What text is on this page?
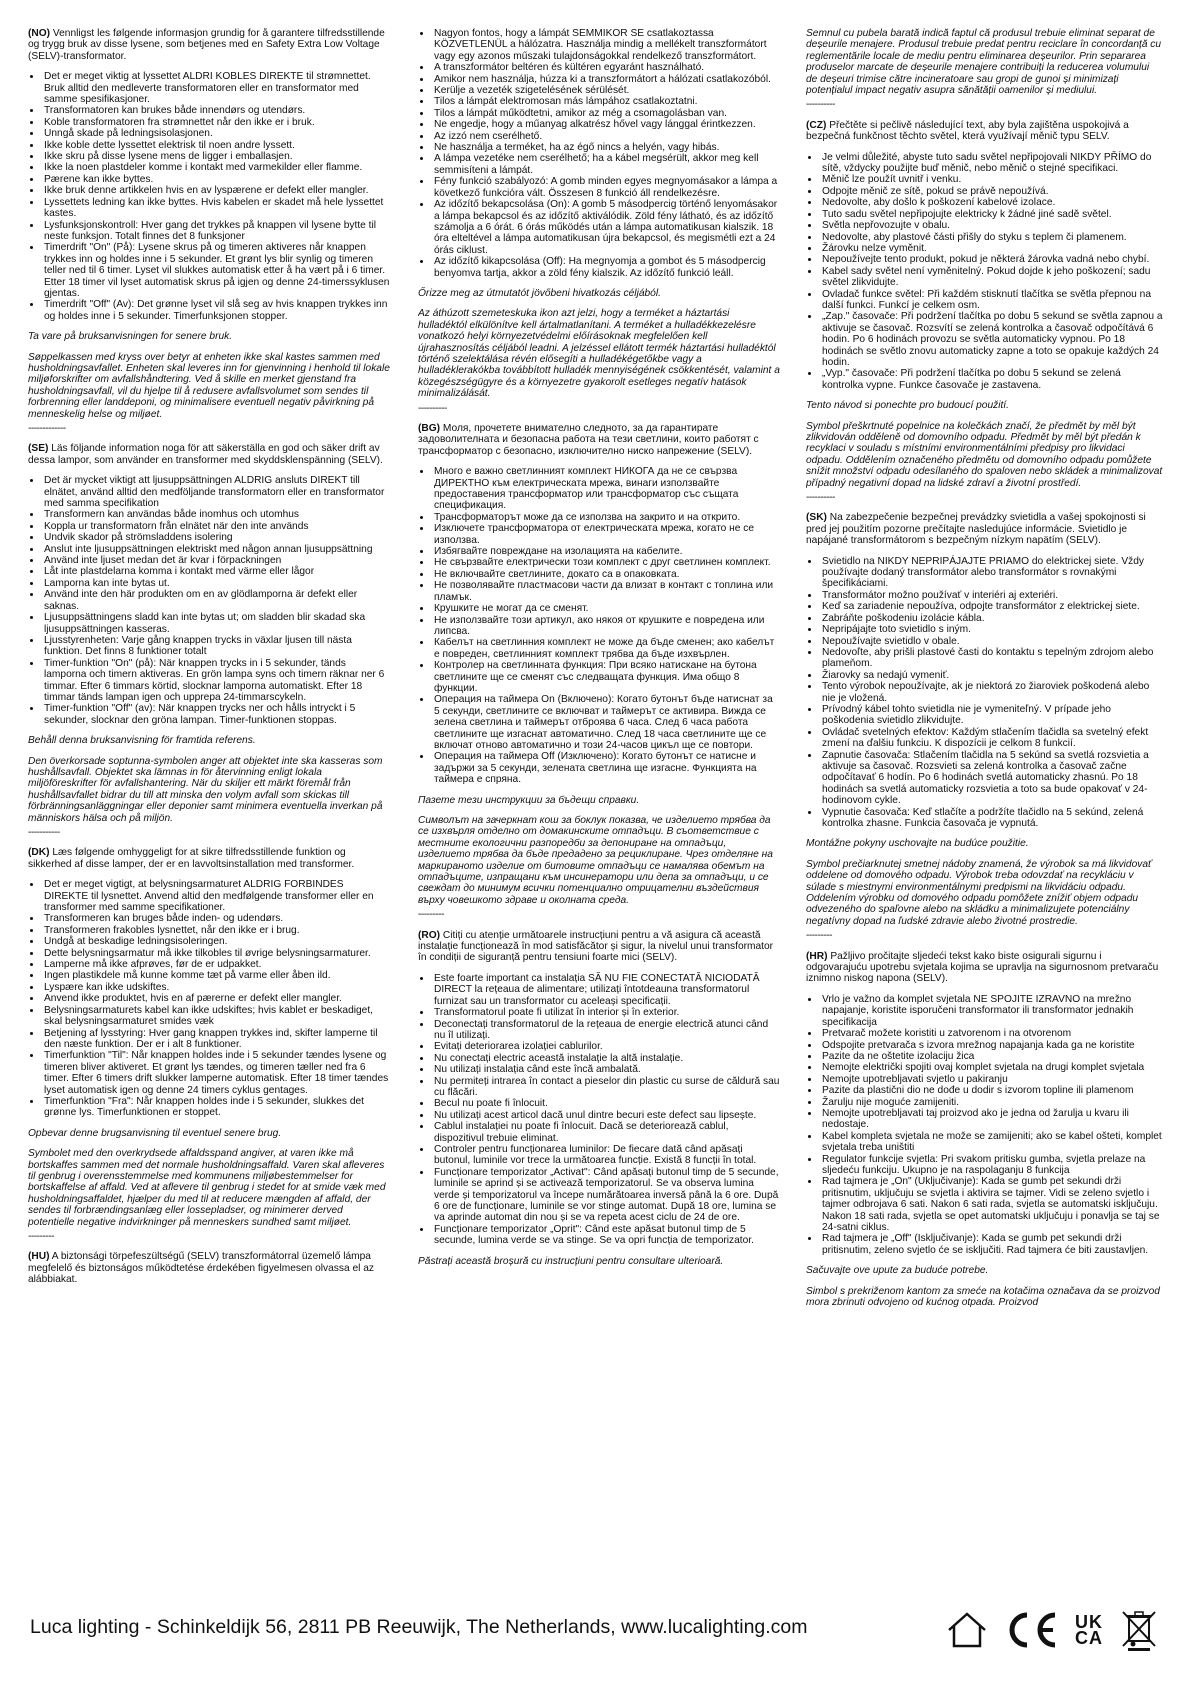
(NO) Vennligst les følgende informasjon grundig for å garantere tilfredsstillende og trygg bruk av disse lysene, som betjenes med en Safety Extra Low Voltage (SELV)-transformator.

• Det er meget viktig at lyssettet ALDRI KOBLES DIREKTE til strømnettet. Bruk alltid den medleverte transformatoren eller en transformator med samme spesifikasjoner.
• Transformatoren kan brukes både innendørs og utendørs.
• Koble transformatoren fra strømnettet når den ikke er i bruk.
• Unngå skade på ledningsisolasjonen.
• Ikke koble dette lyssettet elektrisk til noen andre lyssett.
• Ikke skru på disse lysene mens de ligger i emballasjen.
• Ikke la noen plastdeler komme i kontakt med varmekilder eller flamme.
• Pærene kan ikke byttes.
• Ikke bruk denne artikkelen hvis en av lyspærene er defekt eller mangler.
• Lyssettets ledning kan ikke byttes. Hvis kabelen er skadet må hele lyssettet kastes.
• Lysfunksjonskontroll: Hver gang det trykkes på knappen vil lysene bytte til neste funksjon. Totalt finnes det 8 funksjoner
• Timerdrift "On" (På): Lysene skrus på og timeren aktiveres når knappen trykkes inn og holdes inne i 5 sekunder. Et grønt lys blir synlig og timeren teller ned til 6 timer. Lyset vil slukkes automatisk etter å ha vært på i 6 timer. Etter 18 timer vil lyset automatisk skrus på igjen og denne 24-timerssyklusen gjentas.
• Timerdrift "Off" (Av): Det grønne lyset vil slå seg av hvis knappen trykkes inn og holdes inne i 5 sekunder. Timerfunksjonen stopper.

Ta vare på bruksanvisningen for senere bruk.

Søppelkassen med kryss over betyr at enheten ikke skal kastes sammen med husholdningsavfallet. Enheten skal leveres inn for gjenvinning i henhold til lokale miljøforskrifter om avfallshåndtering. Ved å skille en merket gjenstand fra husholdningsavfall, vil du hjelpe til å redusere avfallsvolumet som sendes til forbrenning eller landdeponi, og minimalisere eventuell negativ påvirkning på menneskelig helse og miljøet.

-------------

(SE) Läs följande information noga för att säkerställa en god och säker drift av dessa lampor, som använder en transformer med skyddsklenspänning (SELV).

• Det är mycket viktigt att ljusuppsättningen ALDRIG ansluts DIREKT till elnätet, använd alltid den medföljande transformatorn eller en transformator med samma specifikation
• Transformern kan användas både inomhus och utomhus
• Koppla ur transformatorn från elnätet när den inte används
• Undvik skador på strömsladdens isolering
• Anslut inte ljusuppsättningen elektriskt med någon annan ljusuppsättning
• Använd inte ljuset medan det är kvar i förpackningen
• Låt inte plastdelarna komma i kontakt med värme eller lågor
• Lamporna kan inte bytas ut.
• Använd inte den här produkten om en av glödlamporna är defekt eller saknas.
• Ljusuppsättningens sladd kan inte bytas ut; om sladden blir skadad ska ljusuppsättningen kasseras.
• Ljusstyrenheten: Varje gång knappen trycks in växlar ljusen till nästa funktion. Det finns 8 funktioner totalt
• Timer-funktion "On" (på): När knappen trycks in i 5 sekunder, tänds lamporna och timern aktiveras. En grön lampa syns och timern räknar ner 6 timmar. Efter 6 timmars körtid, slocknar lamporna automatiskt. Efter 18 timmar tänds lampan igen och upprepa 24-timmarscykeln.
• Timer-funktion "Off" (av): När knappen trycks ner och hålls intryckt i 5 sekunder, slocknar den gröna lampan. Timer-funktionen stoppas.

Behåll denna bruksanvisning för framtida referens.

Den överkorsade soptunna-symbolen anger att objektet inte ska kasseras som hushållsavfall. Objektet ska lämnas in för återvinning enligt lokala miljöföreskrifter för avfallshantering. När du skiljer ett märkt föremål från hushållsavfallet bidrar du till att minska den volym avfall som skickas till förbränningsanläggningar eller deponier samt minimera eventuella inverkan på människors hälsa och på miljön.

-----------

(DK) Læs følgende omhyggeligt for at sikre tilfredsstillende funktion og sikkerhed af disse lamper, der er en lavvoltsinstallation med transformer.

• Det er meget vigtigt, at belysningsarmaturet ALDRIG FORBINDES DIREKTE til lysnettet. Anvend altid den medfølgende transformer eller en transformer med samme specifikationer.
• Transformeren kan bruges både inden- og udendørs.
• Transformeren frakobles lysnettet, når den ikke er i brug.
• Undgå at beskadige ledningsisoleringen.
• Dette belysningsarmatur må ikke tilkobles til øvrige belysningsarmaturer.
• Lamperne må ikke afprøves, før de er udpakket.
• Ingen plastikdele må kunne komme tæt på varme eller åben ild.
• Lyspære kan ikke udskiftes.
• Anvend ikke produktet, hvis en af pærerne er defekt eller mangler.
• Belysningsarmaturets kabel kan ikke udskiftes; hvis kablet er beskadiget, skal belysningsarmaturet smides væk
• Betjening af lysstyring: Hver gang knappen trykkes ind, skifter lamperne til den næste funktion. Der er i alt 8 funktioner.
• Timerfunktion "Til": Når knappen holdes inde i 5 sekunder tændes lysene og timeren bliver aktiveret. Et grønt lys tændes, og timeren tæller ned fra 6 timer. Efter 6 timers drift slukker lamperne automatisk. Efter 18 timer tændes lyset automatisk igen og denne 24 timers cyklus gentages.
• Timerfunktion "Fra": Når knappen holdes inde i 5 sekunder, slukkes det grønne lys. Timerfunktionen er stoppet.

Opbevar denne brugsanvisning til eventuel senere brug.

Symbolet med den overkrydsede affaldsspand angiver, at varen ikke må bortskaffes sammen med det normale husholdningsaffald. Varen skal afleveres til genbrug i overensstemmelse med kommunens miljøbestemmelser for bortskaffelse af affald. Ved at aflevere til genbrug i stedet for at smide væk med husholdningsaffaldet, hjælper du med til at reducere mængden af affald, der sendes til forbrændingsanlæg eller lossepladser, og minimerer derved potentielle negative indvirkninger på menneskers sundhed samt miljøet.

---------

(HU) A biztonsági törpefeszültségű (SELV) transzformátorral üzemelő lámpa megfelelő és biztonságos működtetése érdekében figyelmesen olvassa el az alábbiakat.

• Nagyon fontos, hogy a lámpát SEMMIKOR SE csatlakoztassa KÖZVETLENÜL a hálózatra. Használja mindig a mellékelt transzformátort vagy egy azonos műszaki tulajdonságokkal rendelkező transzformátort.
• A transzformátor beltéren és kültéren egyaránt használható.
• Amikor nem használja, húzza ki a transzformátort a hálózati csatlakozóból.
• Kerülje a vezeték szigetelésének sérülését.
• Tilos a lámpát elektromosan más lámpához csatlakoztatni.
• Tilos a lámpát működtetni, amikor az még a csomagolásban van.
• Ne engedje, hogy a műanyag alkatrész hővel vagy lánggal érintkezzen.
• Az izzó nem cserélhető.
• Ne használja a terméket, ha az égő nincs a helyén, vagy hibás.
• A lámpa vezetéke nem cserélhető; ha a kábel megsérült, akkor meg kell semmisíteni a lámpát.
• Fény funkció szabályozó: A gomb minden egyes megnyomásakor a lámpa a következő funkcióra vált. Összesen 8 funkció áll rendelkezésre.
• Az időzítő bekapcsolása (On): A gomb 5 másodpercig történő lenyomásakor a lámpa bekapcsol és az időzítő aktiválódik. Zöld fény látható, és az időzítő számolja a 6 órát. 6 órás működés után a lámpa automatikusan kialszik. 18 óra elteltével a lámpa automatikusan újra bekapcsol, és megismétli ezt a 24 órás ciklust.
• Az időzítő kikapcsolása (Off): Ha megnyomja a gombot és 5 másodpercig benyomva tartja, akkor a zöld fény kialszik. Az időzítő funkció leáll.

Őrizze meg az útmutatót jövőbeni hivatkozás céljából.

Az áthúzott szemeteskuka ikon azt jelzi, hogy a terméket a háztartási hulladéktól elkülönítve kell ártalmatlanítani. A terméket a hulladékkezelésre vonatkozó helyi környezetvédelmi előírásoknak megfelelően kell újrahasznosítás céljából leadni. A jelzéssel ellátott termék háztartási hulladéktól történő szelektálása révén elősegíti a hulladékégetőkbe vagy a hulladéklerakókba továbbított hulladék mennyiségének csökkentését, valamint a közegészségügyre és a környezetre gyakorolt esetleges negatív hatások minimalizálását.

----------

(BG) Моля, прочетете внимателно следното, за да гарантирате задоволителната и безопасна работа на тези светлини, които работят с трансформатор с безопасно, изключително ниско напрежение (SELV).

• Много е важно светлинният комплект НИКОГА да не се свързва ДИРЕКТНО към електрическата мрежа, винаги използвайте предоставения трансформатор или трансформатор със същата спецификация.
• Трансформаторът може да се използва на закрито и на открито.
• Изключете трансформатора от електрическата мрежа, когато не се използва.
• Избягвайте повреждане на изолацията на кабелите.
• Не свързвайте електрически този комплект с друг светлинен комплект.
• Не включвайте светлините, докато са в опаковката.
• Не позволявайте пластмасови части да влизат в контакт с топлина или пламък.
• Крушките не могат да се сменят.
• Не използвайте този артикул, ако някоя от крушките е повредена или липсва.
• Кабелът на светлинния комплект не може да бъде сменен; ако кабелът е повреден, светлинният комплект трябва да бъде изхвърлен.
• Контролер на светлинната функция: При всяко натискане на бутона светлините ще се сменят със следващата функция. Има общо 8 функции.
• Операция на таймера On (Включено): Когато бутонът бъде натиснат за 5 секунди, светлините се включват и таймерът се активира. Вижда се зелена светлина и таймерът отброява 6 часа. След 6 часа работа светлините ще изгаснат автоматично. След 18 часа светлините ще се включат отново автоматично и този 24-часов цикъл ще се повтори.
• Операция на таймера Off (Изключено): Когато бутонът се натисне и задържи за 5 секунди, зелената светлина ще изгасне. Функцията на таймера е спряна.

Пазете тези инструкции за бъдещи справки.

Символът на зачеркнат кош за боклук показва, че изделието трябва да се изхвърля отделно от домакинските отпадъци. В съответствие с местните екологични разпоредби за депониране на отпадъци, изделието трябва да бъде предадено за рециклиране. Чрез отделяне на маркираното изделие от битовите отпадъци се намалява обемът на отпадъците, изпращани към инсинератори или депа за отпадъци, и се свеждат до минимум всички потенциално отрицателни въздействия върху човешкото здраве и околната среда.

---------

(RO) Citiți cu atenție următoarele instrucțiuni pentru a vă asigura că această instalație funcționează în mod satisfăcător și sigur, la nivelul unui transformator în condiții de siguranță pentru tensiuni foarte mici (SELV).

• Este foarte important ca instalația SĂ NU FIE CONECTATĂ NICIODATĂ DIRECT la rețeaua de alimentare; utilizați întotdeauna transformatorul furnizat sau un transformator cu aceleași specificații.
• Transformatorul poate fi utilizat în interior și în exterior.
• Deconectați transformatorul de la rețeaua de energie electrică atunci când nu îl utilizați.
• Evitați deteriorarea izolației cablurilor.
• Nu conectați electric această instalație la altă instalație.
• Nu utilizați instalația când este încă ambalată.
• Nu permiteți intrarea în contact a pieselor din plastic cu surse de căldură sau cu flăcări.
• Becul nu poate fi înlocuit.
• Nu utilizați acest articol dacă unul dintre becuri este defect sau lipsește.
• Cablul instalației nu poate fi înlocuit. Dacă se deteriorează cablul, dispozitivul trebuie eliminat.
• Controler pentru funcționarea luminilor: De fiecare dată când apăsați butonul, luminile vor trece la următoarea funcție. Există 8 funcții în total.
• Funcționare temporizator „Activat": Când apăsați butonul timp de 5 secunde, luminile se aprind și se activează temporizatorul. Se va observa lumina verde și temporizatorul va începe numărătoarea inversă până la 6 ore. După 6 ore de funcționare, luminile se vor stinge automat. După 18 ore, lumina se va aprinde automat din nou și se va repeta acest ciclu de 24 de ore.
• Funcționare temporizator „Oprit": Când este apăsat butonul timp de 5 secunde, lumina verde se va stinge. Se va opri funcția de temporizator.

Păstrați această broșură cu instrucțiuni pentru consultare ulterioară.

Semnul cu pubela barată indică faptul că produsul trebuie eliminat separat de deșeurile menajere. Produsul trebuie predat pentru reciclare în concordanță cu reglementările locale de mediu pentru eliminarea deșeurilor. Prin separarea produselor marcate de deșeurile menajere contribuiți la reducerea volumului de deșeuri trimise către incineratoare sau gropi de gunoi și minimizați potențialul impact negativ asupra sănătății oamenilor și mediului.

----------

(CZ) Přečtěte si pečlivě následující text, aby byla zajištěna uspokojivá a bezpečná funkčnost těchto světel, která využívají měnič typu SELV.

• Je velmi důležité, abyste tuto sadu světel nepřipojovali NIKDY PŘÍMO do sítě, vždycky použijte buď měnič, nebo měnič o stejné specifikaci.
• Měnič lze použít uvnitř i venku.
• Odpojte měnič ze sítě, pokud se právě nepoužívá.
• Nedovolte, aby došlo k poškození kabelové izolace.
• Tuto sadu světel nepřipojujte elektricky k žádné jiné sadě světel.
• Světla nepřovozujte v obalu.
• Nedovolte, aby plastové části přišly do styku s teplem či plamenem.
• Žárovku nelze vyměnit.
• Nepoužívejte tento produkt, pokud je některá žárovka vadná nebo chybí.
• Kabel sady světel není vyměnitelný. Pokud dojde k jeho poškození; sadu světel zlikvidujte.
• Ovladač funkce světel: Při každém stisknutí tlačítka se světla přepnou na další funkci. Funkcí je celkem osm.
• „Zap." časovače: Při podržení tlačítka po dobu 5 sekund se světla zapnou a aktivuje se časovač. Rozsvítí se zelená kontrolka a časovač odpočítává 6 hodin. Po 6 hodinách provozu se světla automaticky vypnou. Po 18 hodinách se světlo znovu automaticky zapne a toto se opakuje každých 24 hodin.
• „Vyp." časovače: Při podržení tlačítka po dobu 5 sekund se zelená kontrolka vypne. Funkce časovače je zastavena.

Tento návod si ponechte pro budoucí použití.

Symbol přeškrtnuté popelnice na kolečkách značí, že předmět by měl být zlikvidován odděleně od domovního odpadu. Předmět by měl být předán k recyklaci v souladu s místními environmentálními předpisy pro likvidaci odpadu. Oddělením označeného předmětu od domovního odpadu pomůžete snížit množství odpadu odesílaného do spaloven nebo skládek a minimalizovat případný negativní dopad na lidské zdraví a životní prostředí.

----------

(SK) Na zabezpečenie bezpečnej prevádzky svietidla a vašej spokojnosti si pred jej použitím pozorne prečítajte nasledujúce informácie. Svietidlo je napájané transformátorom s bezpečným nízkym napätím (SELV).

• Svietidlo na NIKDY NEPRIPÁJAJTE PRIAMO do elektrickej siete. Vždy používajte dodaný transformátor alebo transformátor s rovnakými špecifikáciami.
• Transformátor možno používať v interiéri aj exteriéri.
• Keď sa zariadenie nepoužíva, odpojte transformátor z elektrickej siete.
• Zabráňte poškodeniu izolácie kábla.
• Nepripájajte toto svietidlo s iným.
• Nepoužívajte svietidlo v obale.
• Nedovoľte, aby prišli plastové časti do kontaktu s tepelným zdrojom alebo plameňom.
• Žiarovky sa nedajú vymeniť.
• Tento výrobok nepoužívajte, ak je niektorá zo žiaroviek poškodená alebo nie je vložená.
• Prívodný kábel tohto svietidla nie je vymeniteľný. V prípade jeho poškodenia svietidlo zlikvidujte.
• Ovládač svetelných efektov: Každým stlačením tlačidla sa svetelný efekt zmení na ďalšiu funkciu. K dispozícii je celkom 8 funkcií.
• Zapnutie časovača: Stlačením tlačidla na 5 sekúnd sa svetlá rozsvietia a aktivuje sa časovač. Rozsvieti sa zelená kontrolka a časovač začne odpočítavať 6 hodín. Po 6 hodinách svetlá automaticky zhasnú. Po 18 hodinách sa svetlá automaticky rozsvietia a toto sa bude opakovať v 24-hodinovom cykle.
• Vypnutie časovača: Keď stlačíte a podržíte tlačidlo na 5 sekúnd, zelená kontrolka zhasne. Funkcia časovača je vypnutá.

Montážne pokyny uschovajte na budúce použitie.

Symbol prečiarknutej smetnej nádoby znamená, že výrobok sa má likvidovať oddelene od domového odpadu. Výrobok treba odovzdať na recykláciu v súlade s miestnymi environmentálnymi predpismi na likvidáciu odpadu. Oddelením výrobku od domového odpadu pomôžete znížiť objem odpadu odvezeného do spaľovne alebo na skládku a minimalizujete potenciálny negatívny dopad na ľudské zdravie alebo životné prostredie.

---------

(HR) Pažljivo pročitajte sljedeći tekst kako biste osigurali sigurnu i odgovarajuću upotrebu svjetala kojima se upravlja na sigurnosnom pretvaraču iznimno niskog napona (SELV).

• Vrlo je važno da komplet svjetala NE SPOJITE IZRAVNO na mrežno napajanje, koristite isporučeni transformator ili transformator jednakih specifikacija
• Pretvarač možete koristiti u zatvorenom i na otvorenom
• Odspojite pretvarača s izvora mrežnog napajanja kada ga ne koristite
• Pazite da ne oštetite izolaciju žica
• Nemojte električki spojiti ovaj komplet svjetala na drugi komplet svjetala
• Nemojte upotrebljavati svjetlo u pakiranju
• Pazite da plastični dio ne dođe u dodir s izvorom topline ili plamenom
• Žarulju nije moguće zamijeniti.
• Nemojte upotrebljavati taj proizvod ako je jedna od žarulja u kvaru ili nedostaje.
• Kabel kompleta svjetala ne može se zamijeniti; ako se kabel ošteti, komplet svjetala treba uništiti
• Regulator funkcije svjetla: Pri svakom pritisku gumba, svjetla prelaze na sljedeću funkciju. Ukupno je na raspolaganju 8 funkcija
• Rad tajmera je „On" (Uključivanje): Kada se gumb pet sekundi drži pritisnutim, uključuju se svjetla i aktivira se tajmer. Vidi se zeleno svjetlo i tajmer odbrojava 6 sati. Nakon 6 sati rada, svjetla se automatski isključuju. Nakon 18 sati rada, svjetla se opet automatski uključuju i ponavlja se taj se 24-satni ciklus.
• Rad tajmera je „Off" (Isključivanje): Kada se gumb pet sekundi drži pritisnutim, zeleno svjetlo će se isključiti. Rad tajmera će biti zaustavljen.

Sačuvajte ove upute za buduće potrebe.

Simbol s prekriženom kantom za smeće na kotačima označava da se proizvod mora zbrinuti odvojeno od kućnog otpada. Proizvod

Luca lighting - Schinkeldijk 56, 2811 PB Reeuwijk, The Netherlands, www.lucalighting.com	UK
CA
